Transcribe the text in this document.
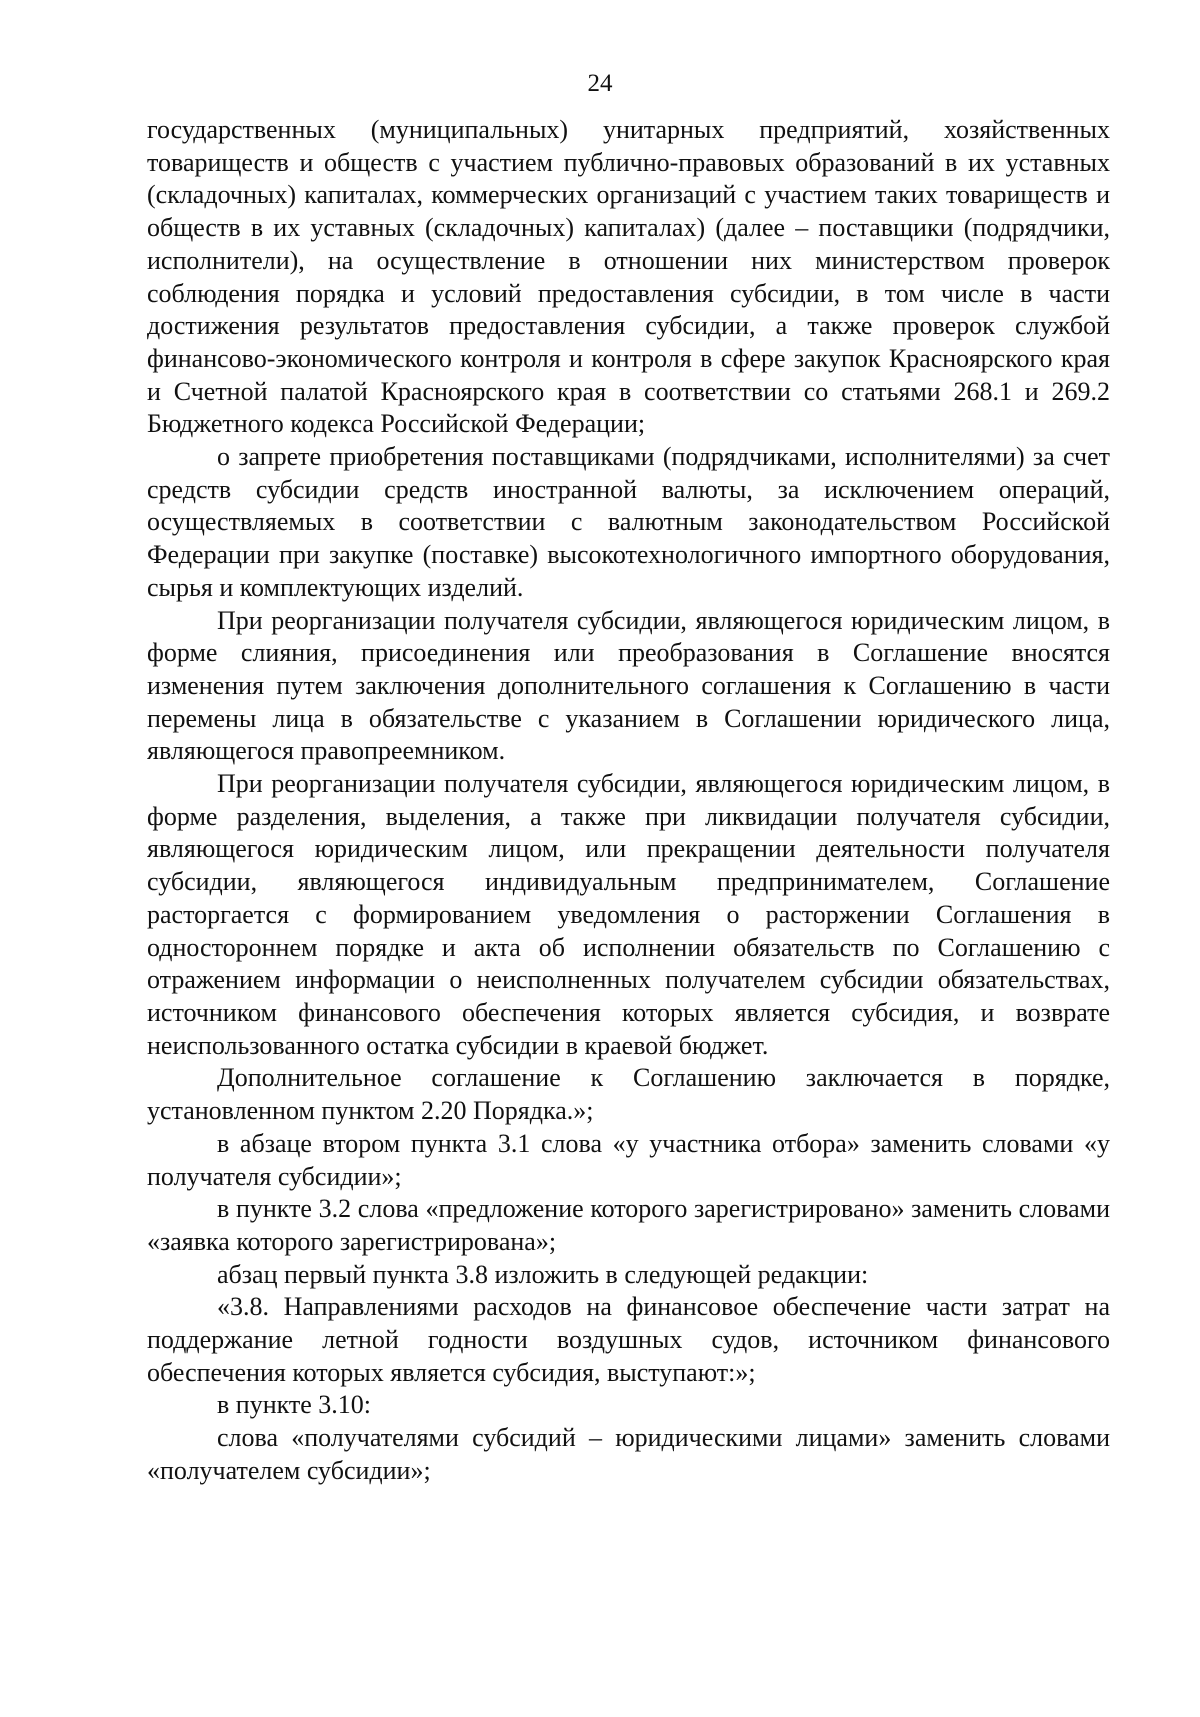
24

государственных (муниципальных) унитарных предприятий, хозяйственных товариществ и обществ с участием публично-правовых образований в их уставных (складочных) капиталах, коммерческих организаций с участием таких товариществ и обществ в их уставных (складочных) капиталах) (далее – поставщики (подрядчики, исполнители), на осуществление в отношении них министерством проверок соблюдения порядка и условий предоставления субсидии, в том числе в части достижения результатов предоставления субсидии, а также проверок службой финансово-экономического контроля и контроля в сфере закупок Красноярского края и Счетной палатой Красноярского края в соответствии со статьями 268.1 и 269.2 Бюджетного кодекса Российской Федерации;

о запрете приобретения поставщиками (подрядчиками, исполнителями) за счет средств субсидии средств иностранной валюты, за исключением операций, осуществляемых в соответствии с валютным законодательством Российской Федерации при закупке (поставке) высокотехнологичного импортного оборудования, сырья и комплектующих изделий.

При реорганизации получателя субсидии, являющегося юридическим лицом, в форме слияния, присоединения или преобразования в Соглашение вносятся изменения путем заключения дополнительного соглашения к Соглашению в части перемены лица в обязательстве с указанием в Соглашении юридического лица, являющегося правопреемником.

При реорганизации получателя субсидии, являющегося юридическим лицом, в форме разделения, выделения, а также при ликвидации получателя субсидии, являющегося юридическим лицом, или прекращении деятельности получателя субсидии, являющегося индивидуальным предпринимателем, Соглашение расторгается с формированием уведомления о расторжении Соглашения в одностороннем порядке и акта об исполнении обязательств по Соглашению с отражением информации о неисполненных получателем субсидии обязательствах, источником финансового обеспечения которых является субсидия, и возврате неиспользованного остатка субсидии в краевой бюджет.

Дополнительное соглашение к Соглашению заключается в порядке, установленном пунктом 2.20 Порядка.»;

в абзаце втором пункта 3.1 слова «у участника отбора» заменить словами «у получателя субсидии»;

в пункте 3.2 слова «предложение которого зарегистрировано» заменить словами «заявка которого зарегистрирована»;

абзац первый пункта 3.8 изложить в следующей редакции:

«3.8. Направлениями расходов на финансовое обеспечение части затрат на поддержание летной годности воздушных судов, источником финансового обеспечения которых является субсидия, выступают:»;

в пункте 3.10:

слова «получателями субсидий – юридическими лицами» заменить словами «получателем субсидии»;
